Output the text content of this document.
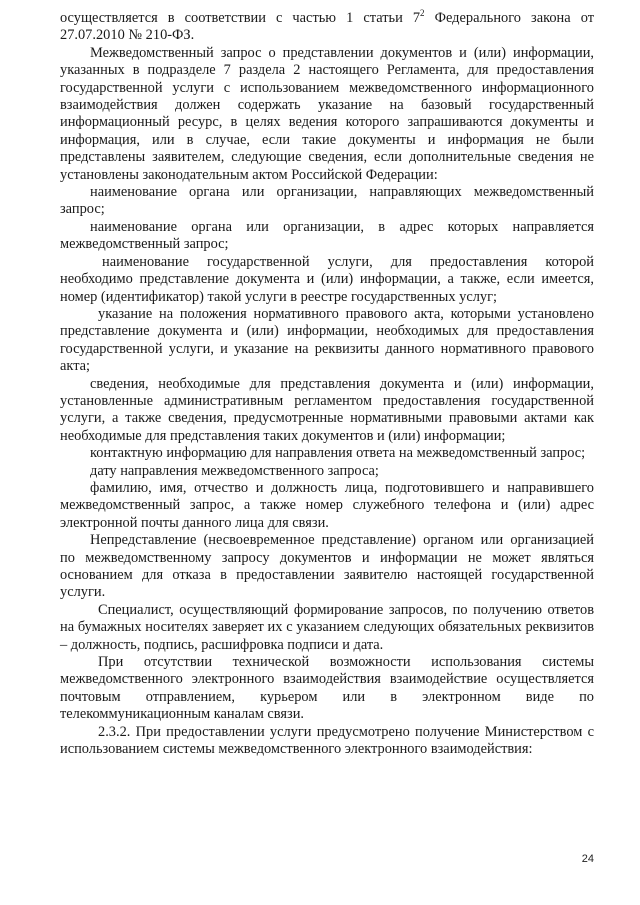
осуществляется в соответствии с частью 1 статьи $7^2$ Федерального закона от 27.07.2010 № 210-ФЗ.

Межведомственный запрос о представлении документов и (или) информации, указанных в подразделе 7 раздела 2 настоящего Регламента, для предоставления государственной услуги с использованием межведомственного информационного взаимодействия должен содержать указание на базовый государственный информационный ресурс, в целях ведения которого запрашиваются документы и информация, или в случае, если такие документы и информация не были представлены заявителем, следующие сведения, если дополнительные сведения не установлены законодательным актом Российской Федерации:

наименование органа или организации, направляющих межведомственный запрос;

наименование органа или организации, в адрес которых направляется межведомственный запрос;

наименование государственной услуги, для предоставления которой необходимо представление документа и (или) информации, а также, если имеется, номер (идентификатор) такой услуги в реестре государственных услуг;

указание на положения нормативного правового акта, которыми установлено представление документа и (или) информации, необходимых для предоставления государственной услуги, и указание на реквизиты данного нормативного правового акта;

сведения, необходимые для представления документа и (или) информации, установленные административным регламентом предоставления государственной услуги, а также сведения, предусмотренные нормативными правовыми актами как необходимые для представления таких документов и (или) информации;

контактную информацию для направления ответа на межведомственный запрос;

дату направления межведомственного запроса;

фамилию, имя, отчество и должность лица, подготовившего и направившего межведомственный запрос, а также номер служебного телефона и (или) адрес электронной почты данного лица для связи.

Непредставление (несвоевременное представление) органом или организацией по межведомственному запросу документов и информации не может являться основанием для отказа в предоставлении заявителю настоящей государственной услуги.

Специалист, осуществляющий формирование запросов, по получению ответов на бумажных носителях заверяет их с указанием следующих обязательных реквизитов – должность, подпись, расшифровка подписи и дата.

При отсутствии технической возможности использования системы межведомственного электронного взаимодействия взаимодействие осуществляется почтовым отправлением, курьером или в электронном виде по телекоммуникационным каналам связи.

2.3.2. При предоставлении услуги предусмотрено получение Министерством с использованием системы межведомственного электронного взаимодействия:

24
